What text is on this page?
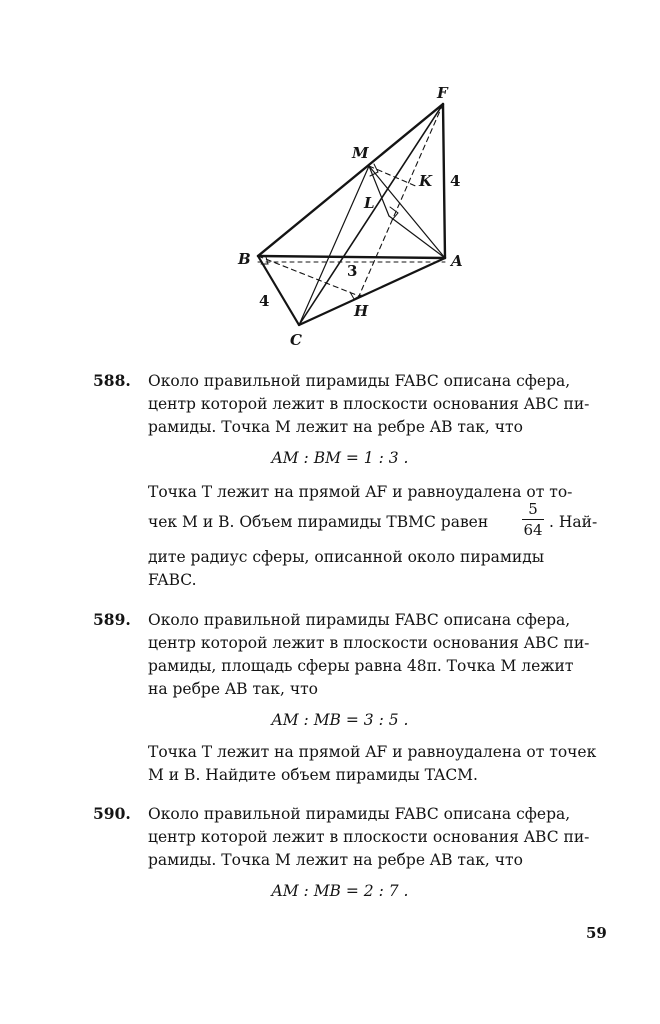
F
M
K
L
B	A
C
H
4
3
4
588. Около правильной пирамиды FABC описана сфера,
центр которой лежит в плоскости основания ABC пи-
рамиды. Точка M лежит на ребре AB так, что
AM : BM = 1 : 3 .
Точка T лежит на прямой AF и равноудалена от то-
чек M и B. Объем пирамиды TBMC равен
5
64 . Най-
дите радиус сферы, описанной около пирамиды
FABC.
589. Около правильной пирамиды FABC описана сфера,
центр которой лежит в плоскости основания ABC пи-
рамиды, площадь сферы равна 48π. Точка M лежит
на ребре AB так, что
AM : MB = 3 : 5 .
Точка T лежит на прямой AF и равноудалена от точек
M и B. Найдите объем пирамиды TACM.
590. Около правильной пирамиды FABC описана сфера,
центр которой лежит в плоскости основания ABC пи-
рамиды. Точка M лежит на ребре AB так, что
AM : MB = 2 : 7 .
59
